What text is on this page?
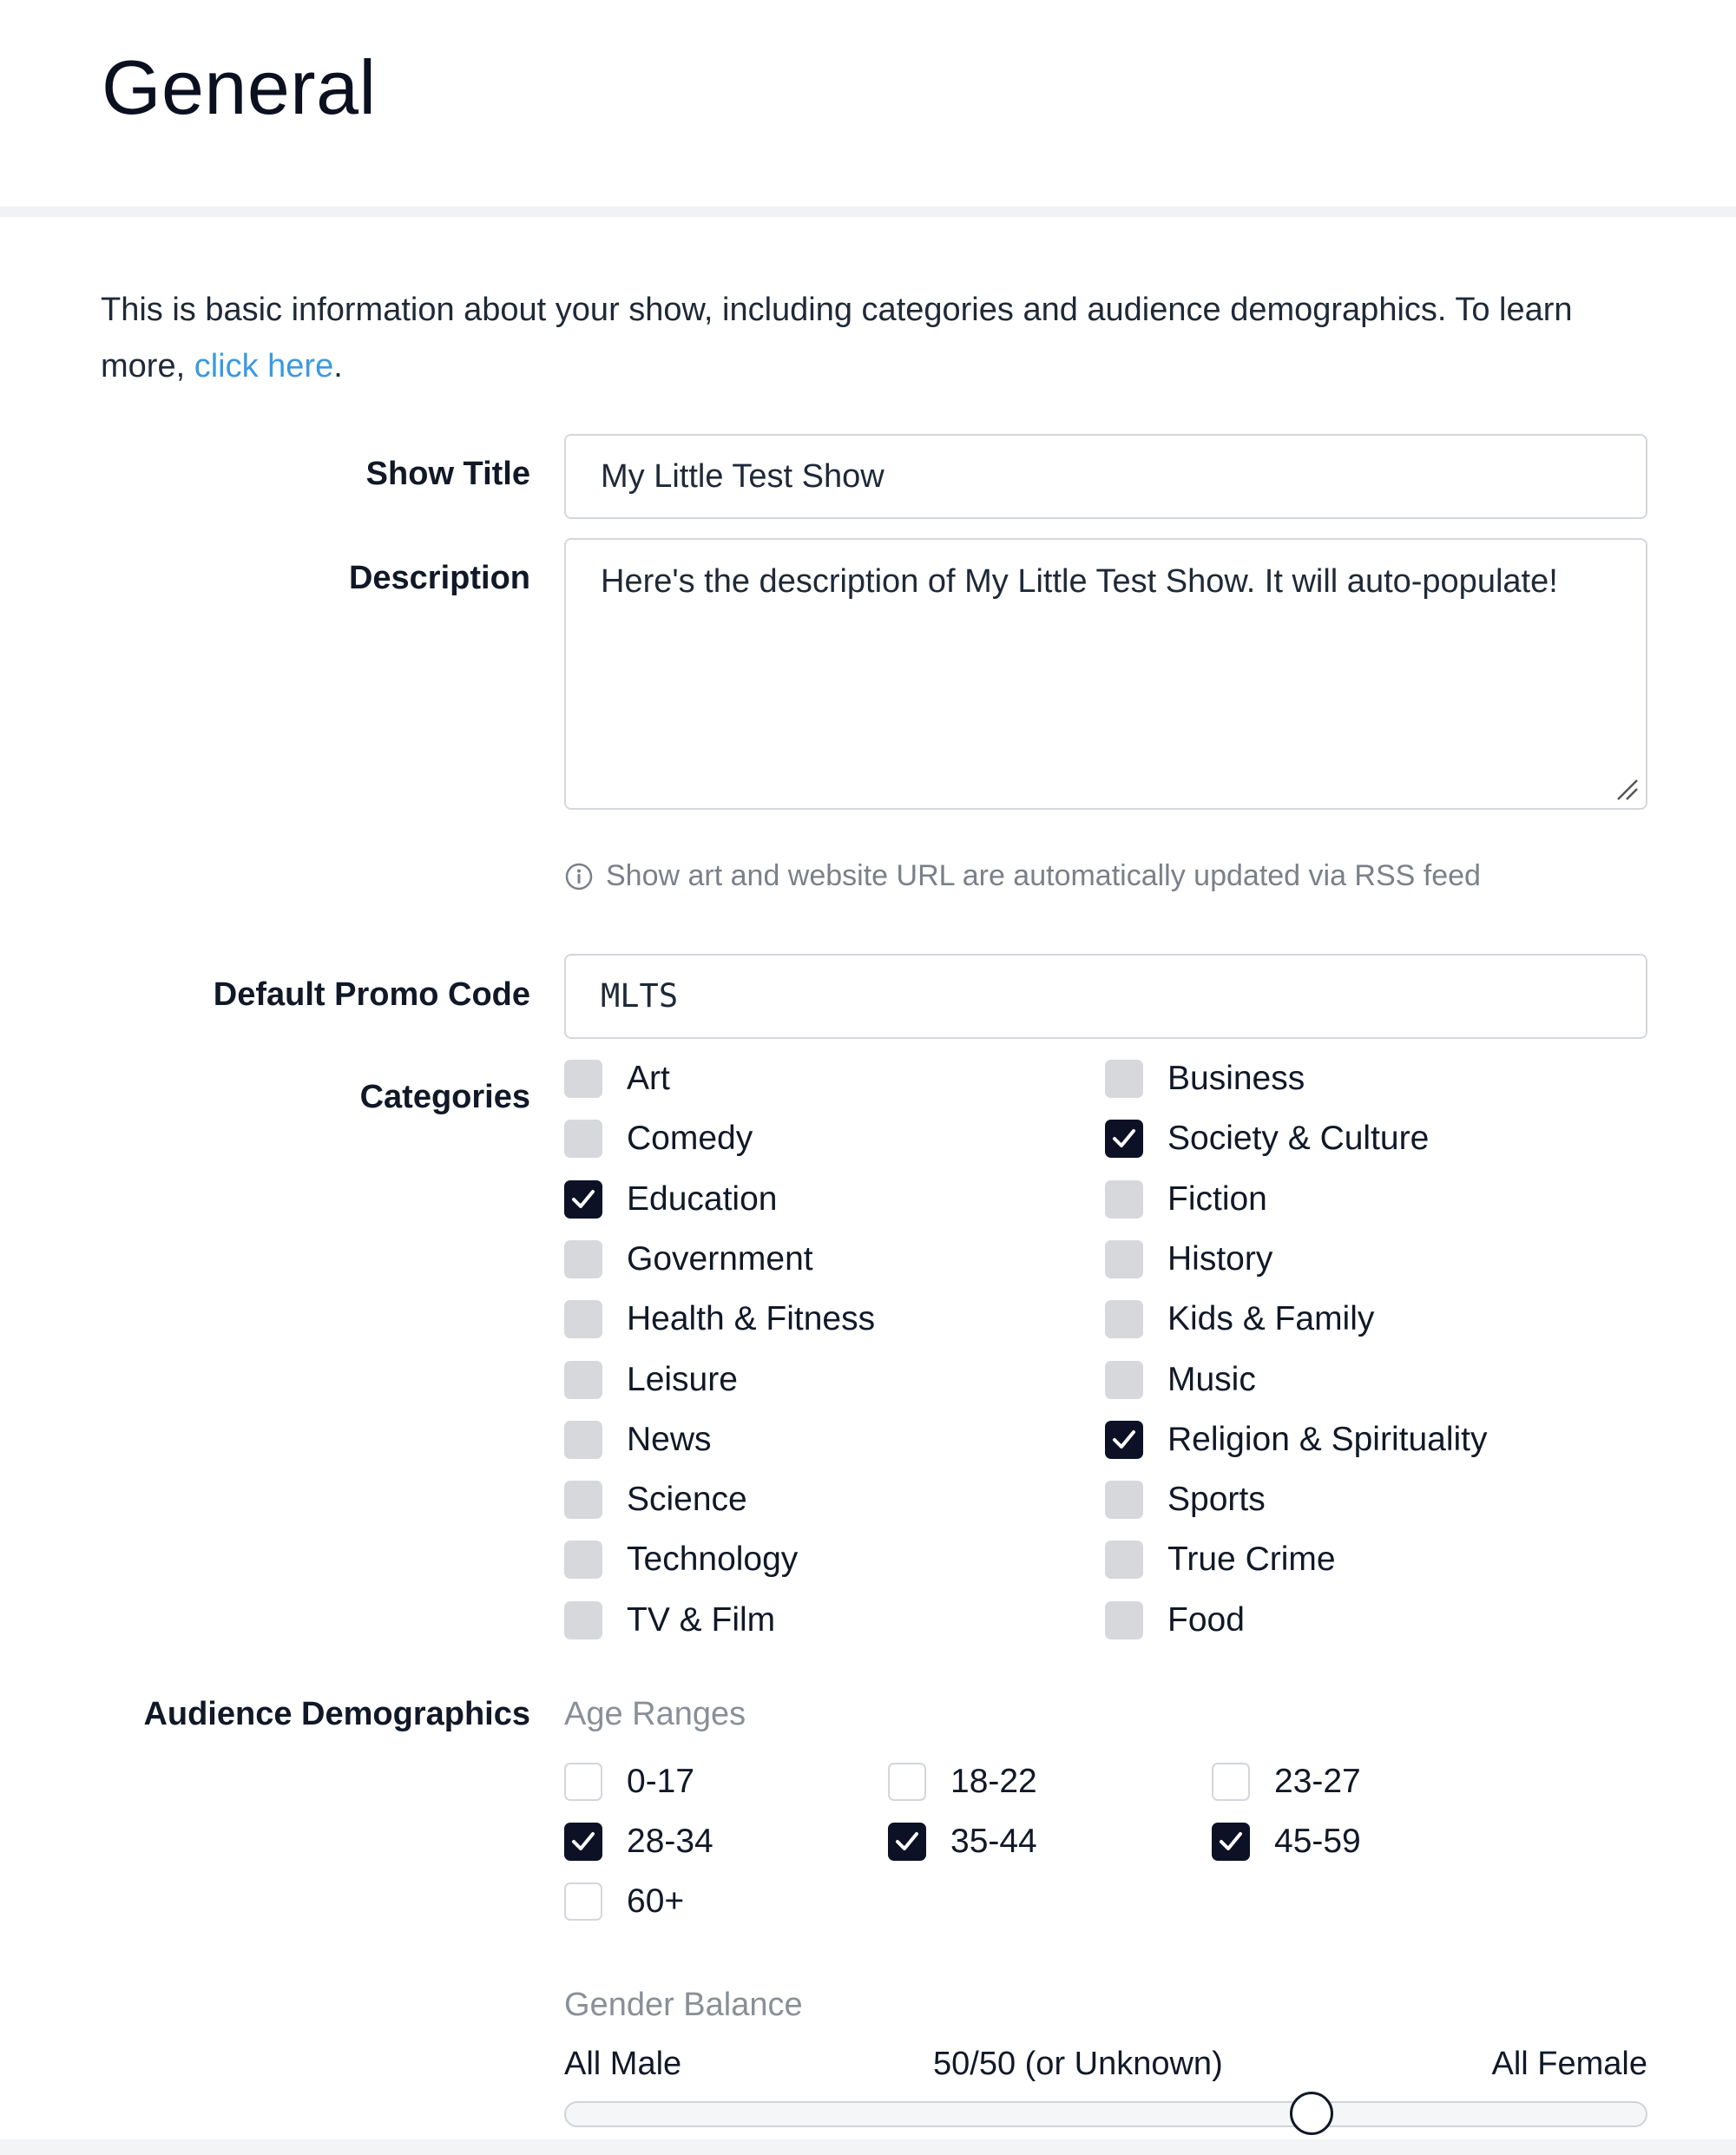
General

This is basic information about your show, including categories and audience demographics. To learn more, click here.

Show Title	My Little Test Show
Description	Here's the description of My Little Test Show. It will auto-populate!
Show art and website URL are automatically updated via RSS feed
Default Promo Code	MLTS
Categories	Art	Business
Comedy	Society & Culture
Education	Fiction
Government	History
Health & Fitness	Kids & Family
Leisure	Music
News	Religion & Spirituality
Science	Sports
Technology	True Crime
TV & Film	Food
Audience Demographics Age Ranges
0-17	18-22	23-27
28-34	35-44	45-59
60+
Gender Balance
All Male	50/50 (or Unknown)	All Female
